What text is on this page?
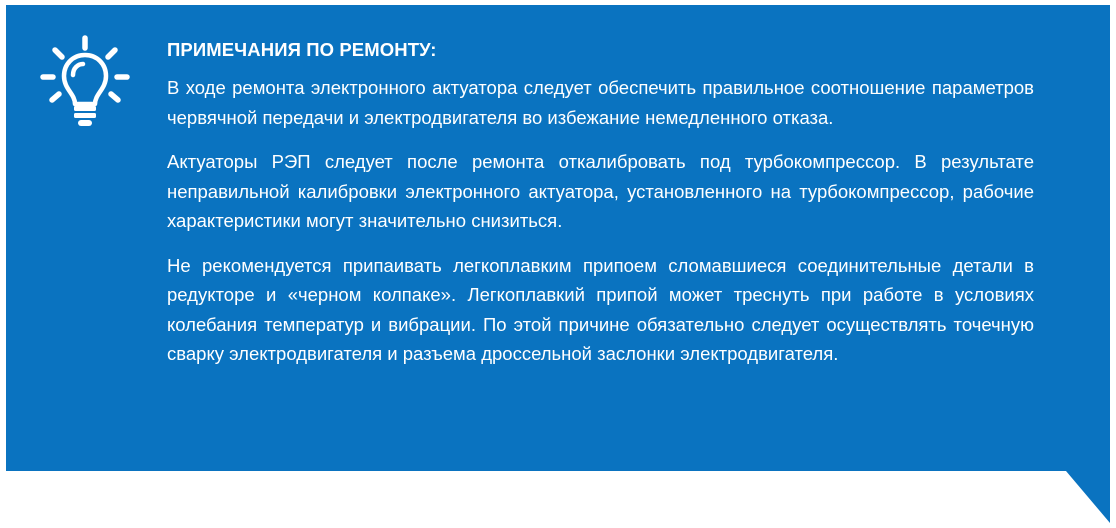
ПРИМЕЧАНИЯ ПО РЕМОНТУ:

В ходе ремонта электронного актуатора следует обеспечить правильное соотношение параметров червячной передачи и электродвигателя во избежание немедленного отказа.

Актуаторы РЭП следует после ремонта откалибровать под турбокомпрессор. В результате неправильной калибровки электронного актуатора, установленного на турбокомпрессор, рабочие характеристики могут значительно снизиться.

Не рекомендуется припаивать легкоплавким припоем сломавшиеся соединительные детали в редукторе и «черном колпаке». Легкоплавкий припой может треснуть при работе в условиях колебания температур и вибрации. По этой причине обязательно следует осуществлять точечную сварку электродвигателя и разъема дроссельной заслонки электродвигателя.
